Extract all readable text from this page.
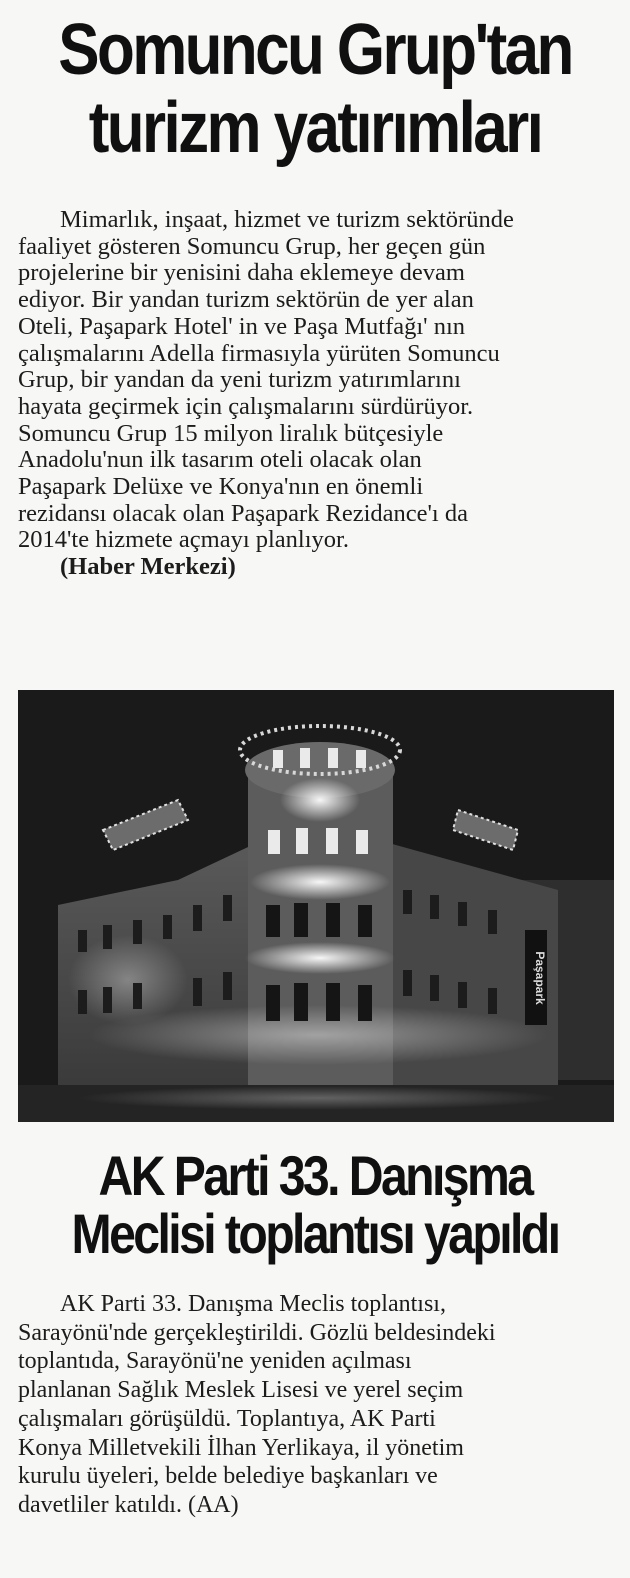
Somuncu Grup'tan
turizm yatırımları
Mimarlık, inşaat, hizmet ve turizm sektöründe
faaliyet gösteren Somuncu Grup, her geçen gün
projelerine bir yenisini daha eklemeye devam
ediyor. Bir yandan turizm sektörün de yer alan
Oteli, Paşapark Hotel' in ve Paşa Mutfağı' nın
çalışmalarını Adella firmasıyla yürüten Somuncu
Grup, bir yandan da yeni turizm yatırımlarını
hayata geçirmek için çalışmalarını sürdürüyor.
Somuncu Grup 15 milyon liralık bütçesiyle
Anadolu'nun ilk tasarım oteli olacak olan
Paşapark Delüxe ve Konya'nın en önemli
rezidansı olacak olan Paşapark Rezidance'ı da
2014'te hizmete açmayı planlıyor.
(Haber Merkezi)
Paşapark
AK Parti 33. Danışma
Meclisi toplantısı yapıldı
AK Parti 33. Danışma Meclis toplantısı,
Sarayönü'nde gerçekleştirildi. Gözlü beldesindeki
toplantıda, Sarayönü'ne yeniden açılması
planlanan Sağlık Meslek Lisesi ve yerel seçim
çalışmaları görüşüldü. Toplantıya, AK Parti
Konya Milletvekili İlhan Yerlikaya, il yönetim
kurulu üyeleri, belde belediye başkanları ve
davetliler katıldı. (AA)
